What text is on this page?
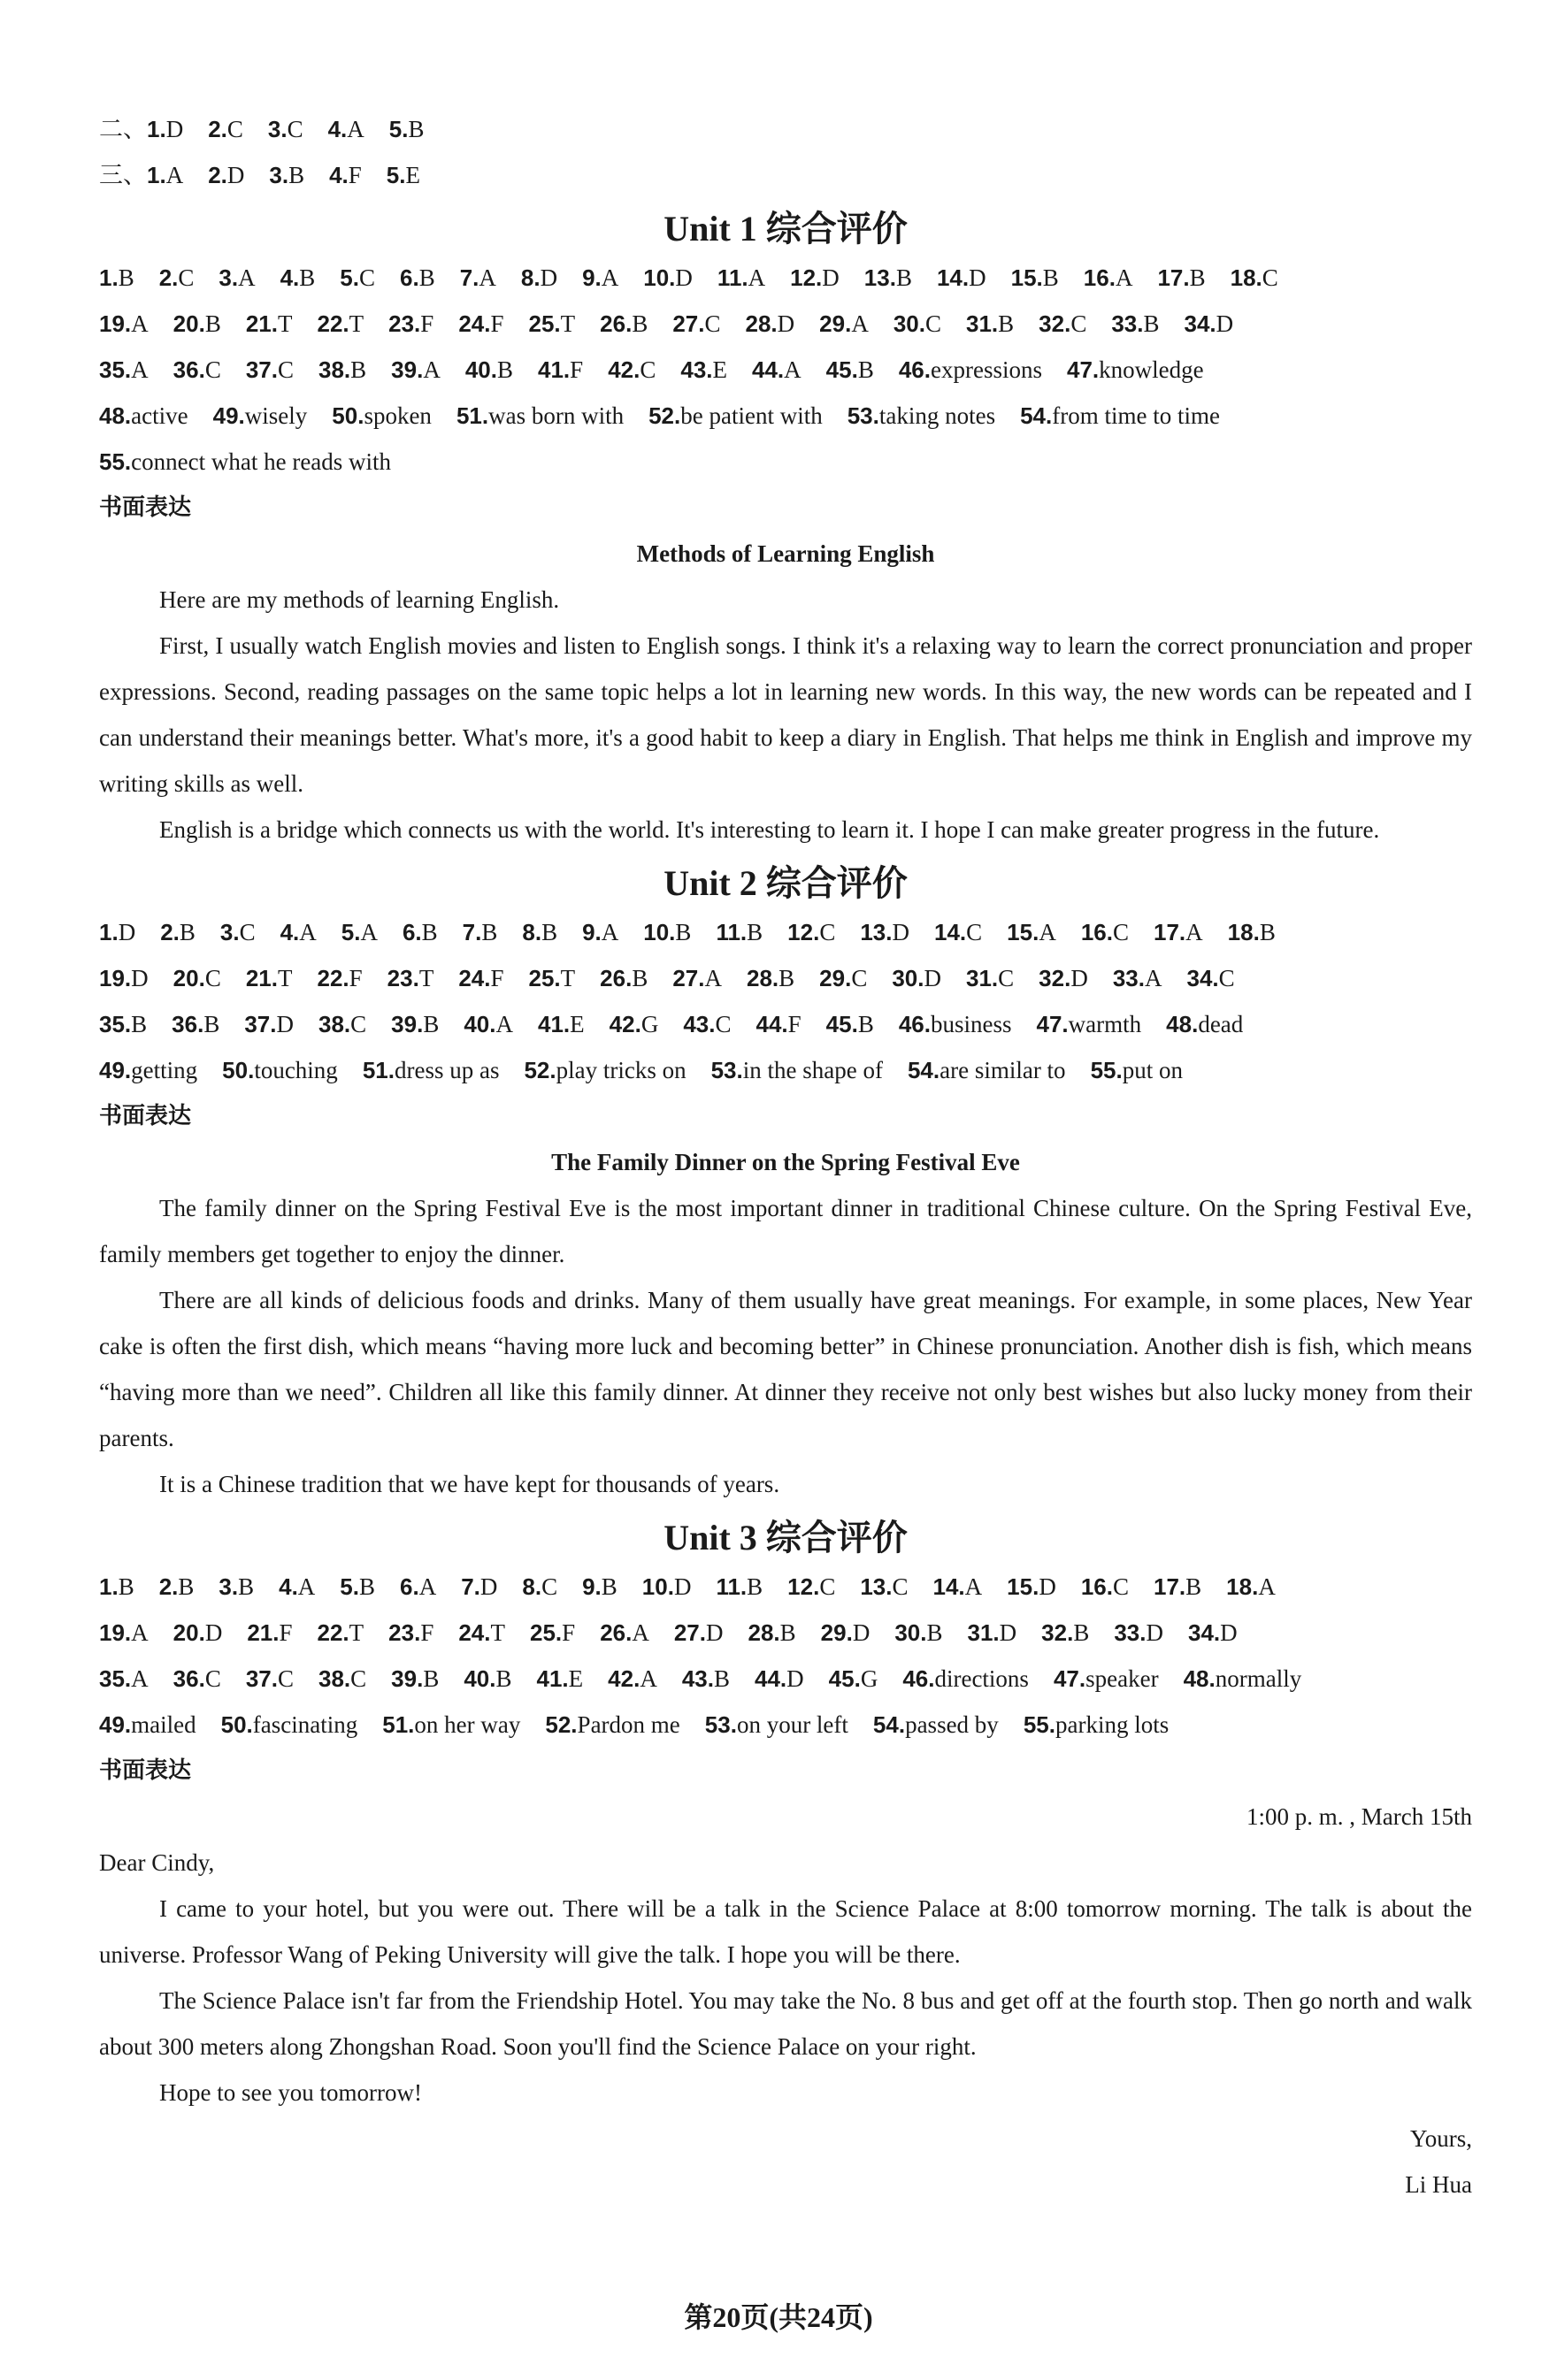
二、1.D 2.C 3.C 4.A 5.B
三、1.A 2.D 3.B 4.F 5.E
Unit 1 综合评价
1.B 2.C 3.A 4.B 5.C 6.B 7.A 8.D 9.A 10.D 11.A 12.D 13.B 14.D 15.B 16.A 17.B 18.C
19.A 20.B 21.T 22.T 23.F 24.F 25.T 26.B 27.C 28.D 29.A 30.C 31.B 32.C 33.B 34.D
35.A 36.C 37.C 38.B 39.A 40.B 41.F 42.C 43.E 44.A 45.B 46.expressions 47.knowledge
48.active 49.wisely 50.spoken 51.was born with 52.be patient with 53.taking notes 54.from time to time
55.connect what he reads with
书面表达
Methods of Learning English

Here are my methods of learning English.

First, I usually watch English movies and listen to English songs. I think it's a relaxing way to learn the correct pronunciation and proper expressions. Second, reading passages on the same topic helps a lot in learning new words. In this way, the new words can be repeated and I can understand their meanings better. What's more, it's a good habit to keep a diary in English. That helps me think in English and improve my writing skills as well.

English is a bridge which connects us with the world. It's interesting to learn it. I hope I can make greater progress in the future.

Unit 2 综合评价
1.D 2.B 3.C 4.A 5.A 6.B 7.B 8.B 9.A 10.B 11.B 12.C 13.D 14.C 15.A 16.C 17.A 18.B
19.D 20.C 21.T 22.F 23.T 24.F 25.T 26.B 27.A 28.B 29.C 30.D 31.C 32.D 33.A 34.C
35.B 36.B 37.D 38.C 39.B 40.A 41.E 42.G 43.C 44.F 45.B 46.business 47.warmth 48.dead
49.getting 50.touching 51.dress up as 52.play tricks on 53.in the shape of 54.are similar to 55.put on
书面表达
The Family Dinner on the Spring Festival Eve

The family dinner on the Spring Festival Eve is the most important dinner in traditional Chinese culture. On the Spring Festival Eve, family members get together to enjoy the dinner.

There are all kinds of delicious foods and drinks. Many of them usually have great meanings. For example, in some places, New Year cake is often the first dish, which means “having more luck and becoming better” in Chinese pronunciation. Another dish is fish, which means “having more than we need”. Children all like this family dinner. At dinner they receive not only best wishes but also lucky money from their parents.

It is a Chinese tradition that we have kept for thousands of years.

Unit 3 综合评价
1.B 2.B 3.B 4.A 5.B 6.A 7.D 8.C 9.B 10.D 11.B 12.C 13.C 14.A 15.D 16.C 17.B 18.A
19.A 20.D 21.F 22.T 23.F 24.T 25.F 26.A 27.D 28.B 29.D 30.B 31.D 32.B 33.D 34.D
35.A 36.C 37.C 38.C 39.B 40.B 41.E 42.A 43.B 44.D 45.G 46.directions 47.speaker 48.normally
49.mailed 50.fascinating 51.on her way 52.Pardon me 53.on your left 54.passed by 55.parking lots
书面表达
1:00 p. m. , March 15th
Dear Cindy,

I came to your hotel, but you were out. There will be a talk in the Science Palace at 8:00 tomorrow morning. The talk is about the universe. Professor Wang of Peking University will give the talk. I hope you will be there.

The Science Palace isn't far from the Friendship Hotel. You may take the No. 8 bus and get off at the fourth stop. Then go north and walk about 300 meters along Zhongshan Road. Soon you'll find the Science Palace on your right.

Hope to see you tomorrow!

Yours,
Li Hua
第20页(共24页)
